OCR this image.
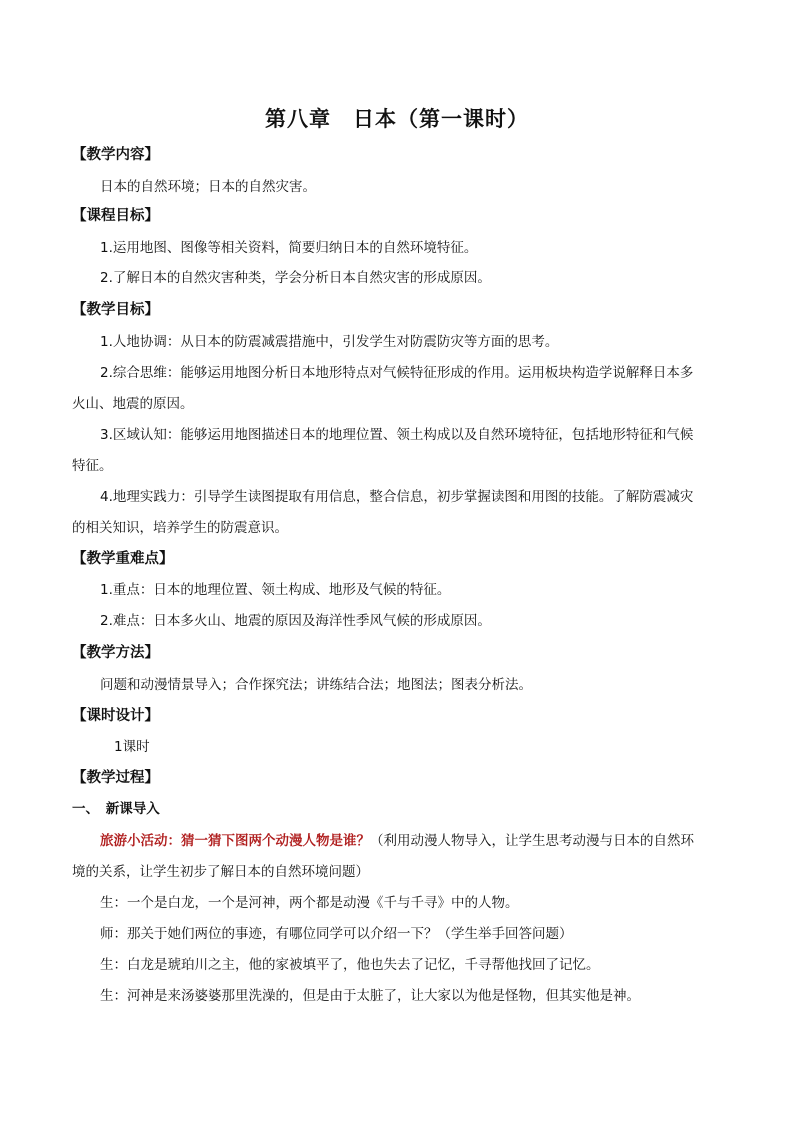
第八章　日本（第一课时）
【教学内容】
日本的自然环境；日本的自然灾害。
【课程目标】
1.运用地图、图像等相关资料，简要归纳日本的自然环境特征。
2.了解日本的自然灾害种类，学会分析日本自然灾害的形成原因。
【教学目标】
1.人地协调：从日本的防震减震措施中，引发学生对防震防灾等方面的思考。
2.综合思维：能够运用地图分析日本地形特点对气候特征形成的作用。运用板块构造学说解释日本多
火山、地震的原因。
3.区域认知：能够运用地图描述日本的地理位置、领土构成以及自然环境特征，包括地形特征和气候
特征。
4.地理实践力：引导学生读图提取有用信息，整合信息，初步掌握读图和用图的技能。了解防震减灾
的相关知识，培养学生的防震意识。
【教学重难点】
1.重点：日本的地理位置、领土构成、地形及气候的特征。
2.难点：日本多火山、地震的原因及海洋性季风气候的形成原因。
【教学方法】
问题和动漫情景导入；合作探究法；讲练结合法；地图法；图表分析法。
【课时设计】
1课时
【教学过程】
一、　新课导入
旅游小活动：猜一猜下图两个动漫人物是谁？（利用动漫人物导入，让学生思考动漫与日本的自然环
境的关系，让学生初步了解日本的自然环境问题）
生：一个是白龙，一个是河神，两个都是动漫《千与千寻》中的人物。
师：那关于她们两位的事迹，有哪位同学可以介绍一下？（学生举手回答问题）
生：白龙是琥珀川之主，他的家被填平了，他也失去了记忆，千寻帮他找回了记忆。
生：河神是来汤婆婆那里洗澡的，但是由于太脏了，让大家以为他是怪物，但其实他是神。
